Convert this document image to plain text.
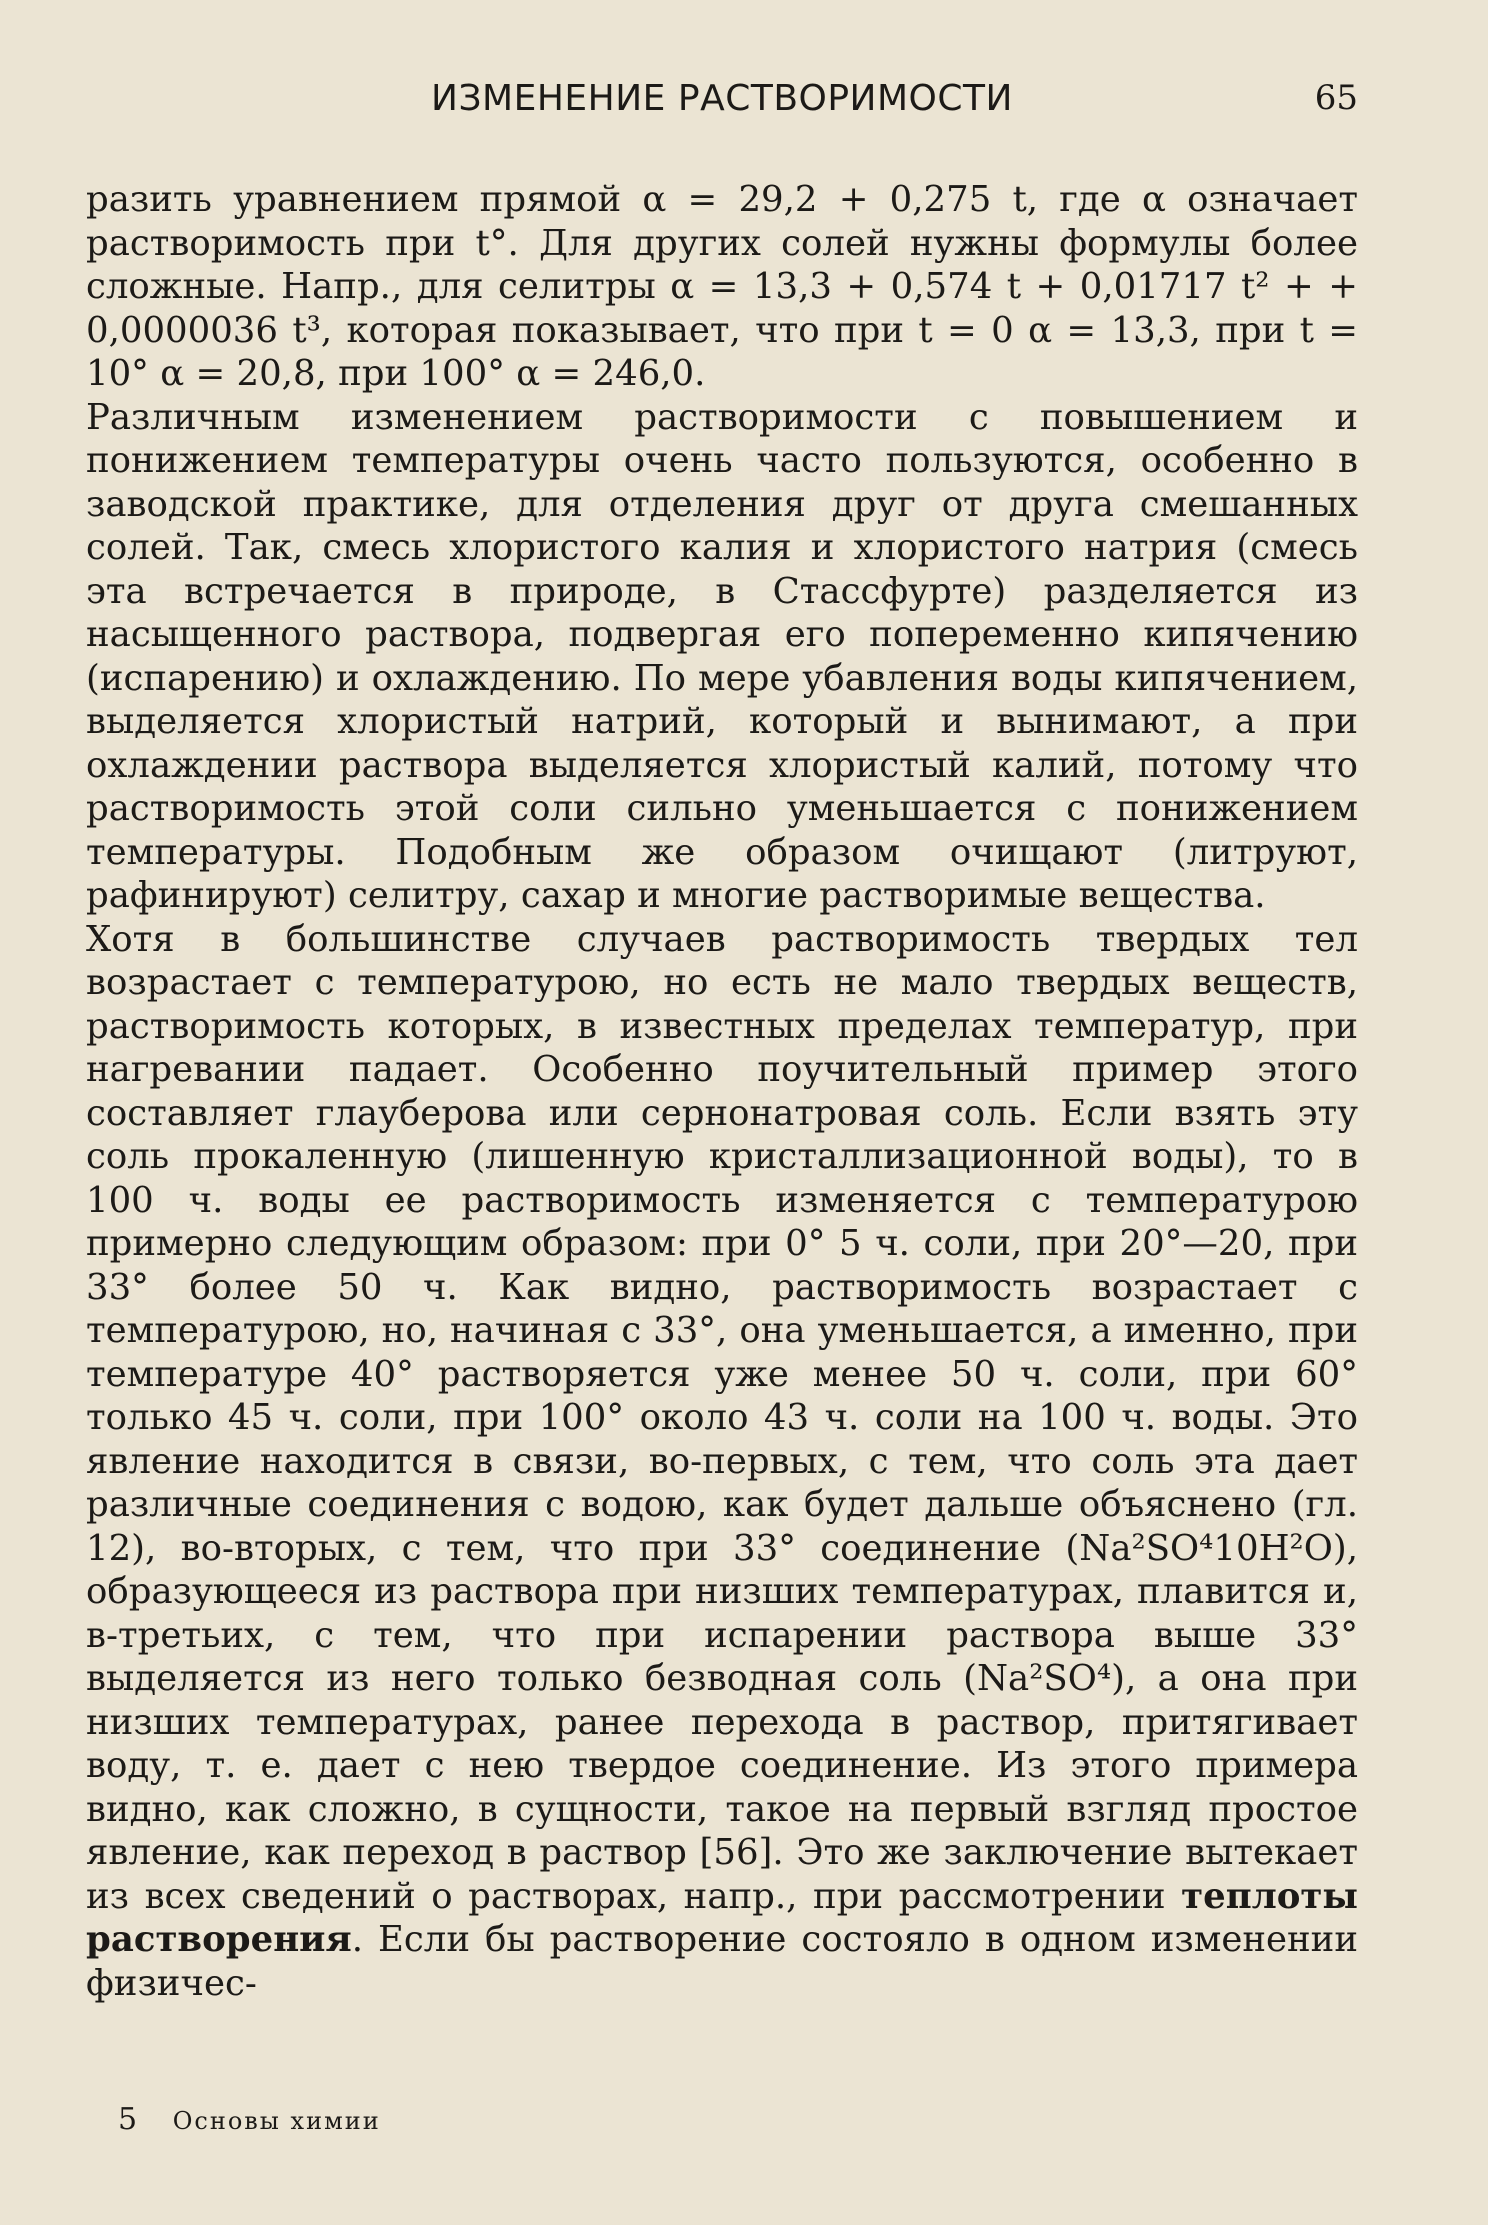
ИЗМЕНЕНИЕ РАСТВОРИМОСТИ	65

разить уравнением прямой α = 29,2 + 0,275 t, где α означает растворимость при t°. Для других солей нужны формулы более сложные. Напр., для селитры α = 13,3 + 0,574 t + 0,01717 t² + + 0,0000036 t³, которая показывает, что при t = 0 α = 13,3, при t = 10° α = 20,8, при 100° α = 246,0.

Различным изменением растворимости с повышением и понижением температуры очень часто пользуются, особенно в заводской практике, для отделения друг от друга смешанных солей. Так, смесь хлористого калия и хлористого натрия (смесь эта встречается в природе, в Стассфурте) разделяется из насыщенного раствора, подвергая его попеременно кипячению (испарению) и охлаждению. По мере убавления воды кипячением, выделяется хлористый натрий, который и вынимают, а при охлаждении раствора выделяется хлористый калий, потому что растворимость этой соли сильно уменьшается с понижением температуры. Подобным же образом очищают (литруют, рафинируют) селитру, сахар и многие растворимые вещества.

Хотя в большинстве случаев растворимость твердых тел возрастает с температурою, но есть не мало твердых веществ, растворимость которых, в известных пределах температур, при нагревании падает. Особенно поучительный пример этого составляет глауберова или сернонатровая соль. Если взять эту соль прокаленную (лишенную кристаллизационной воды), то в 100 ч. воды ее растворимость изменяется с температурою примерно следующим образом: при 0° 5 ч. соли, при 20°—20, при 33° более 50 ч. Как видно, растворимость возрастает с температурою, но, начиная с 33°, она уменьшается, а именно, при температуре 40° растворяется уже менее 50 ч. соли, при 60° только 45 ч. соли, при 100° около 43 ч. соли на 100 ч. воды. Это явление находится в связи, во-первых, с тем, что соль эта дает различные соединения с водою, как будет дальше объяснено (гл. 12), во-вторых, с тем, что при 33° соединение (Na²SO⁴10H²O), образующееся из раствора при низших температурах, плавится и, в-третьих, с тем, что при испарении раствора выше 33° выделяется из него только безводная соль (Na²SO⁴), а она при низших температурах, ранее перехода в раствор, притягивает воду, т. е. дает с нею твердое соединение. Из этого примера видно, как сложно, в сущности, такое на первый взгляд простое явление, как переход в раствор [56]. Это же заключение вытекает из всех сведений о растворах, напр., при рассмотрении теплоты растворения. Если бы растворение состояло в одном изменении физичес-

5 Основы химии
